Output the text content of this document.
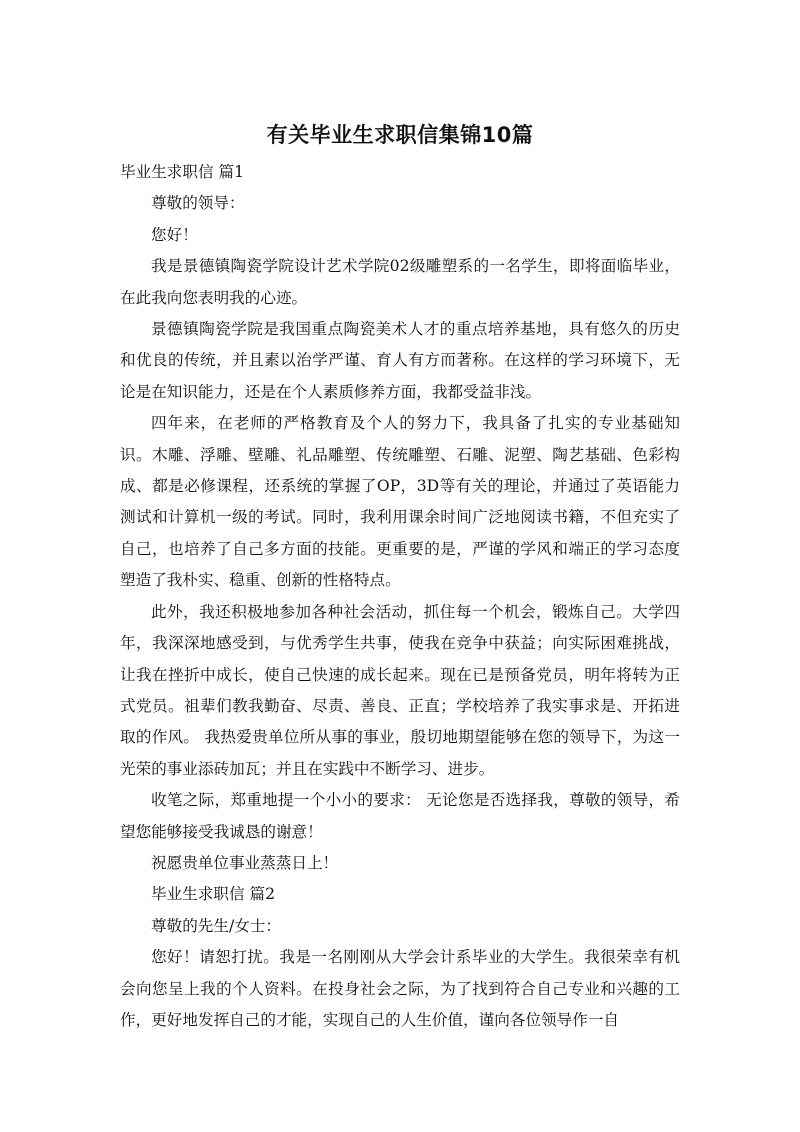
有关毕业生求职信集锦10篇

毕业生求职信 篇1

尊敬的领导：

您好！

我是景德镇陶瓷学院设计艺术学院02级雕塑系的一名学生，即将面临毕业，在此我向您表明我的心迹。

景德镇陶瓷学院是我国重点陶瓷美术人才的重点培养基地，具有悠久的历史和优良的传统，并且素以治学严谨、育人有方而著称。在这样的学习环境下，无论是在知识能力，还是在个人素质修养方面，我都受益非浅。

四年来，在老师的严格教育及个人的努力下，我具备了扎实的专业基础知识。木雕、浮雕、壁雕、礼品雕塑、传统雕塑、石雕、泥塑、陶艺基础、色彩构成、都是必修课程，还系统的掌握了OP，3D等有关的理论，并通过了英语能力测试和计算机一级的考试。同时，我利用课余时间广泛地阅读书籍，不但充实了自己，也培养了自己多方面的技能。更重要的是，严谨的学风和端正的学习态度塑造了我朴实、稳重、创新的性格特点。

此外，我还积极地参加各种社会活动，抓住每一个机会，锻炼自己。大学四年，我深深地感受到，与优秀学生共事，使我在竞争中获益；向实际困难挑战，让我在挫折中成长，使自己快速的成长起来。现在已是预备党员，明年将转为正式党员。祖辈们教我勤奋、尽责、善良、正直；学校培养了我实事求是、开拓进取的作风。 我热爱贵单位所从事的事业，殷切地期望能够在您的领导下，为这一光荣的事业添砖加瓦；并且在实践中不断学习、进步。

收笔之际，郑重地提一个小小的要求： 无论您是否选择我，尊敬的领导，希望您能够接受我诚恳的谢意！

祝愿贵单位事业蒸蒸日上！

毕业生求职信 篇2

尊敬的先生/女士：

您好！请恕打扰。我是一名刚刚从大学会计系毕业的大学生。我很荣幸有机会向您呈上我的个人资料。在投身社会之际，为了找到符合自己专业和兴趣的工作，更好地发挥自己的才能，实现自己的人生价值，谨向各位领导作一自
